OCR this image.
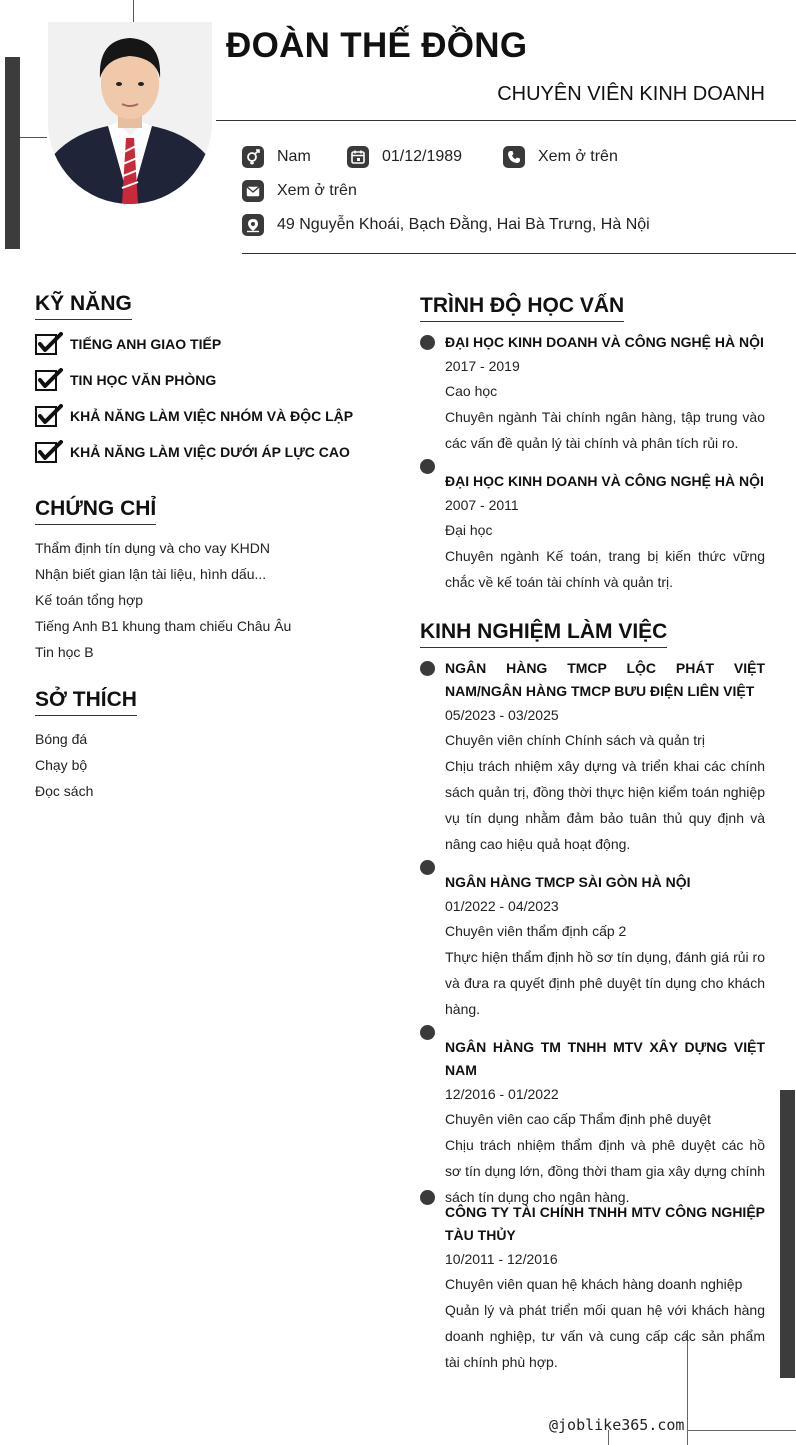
ĐOÀN THẾ ĐỒNG
CHUYÊN VIÊN KINH DOANH
Nam	01/12/1989	Xem ở trên
Xem ở trên
49 Nguyễn Khoái, Bạch Đằng, Hai Bà Trưng, Hà Nội
KỸ NĂNG
TIẾNG ANH GIAO TIẾP
TIN HỌC VĂN PHÒNG
KHẢ NĂNG LÀM VIỆC NHÓM VÀ ĐỘC LẬP
KHẢ NĂNG LÀM VIỆC DƯỚI ÁP LỰC CAO
CHỨNG CHỈ
Thẩm định tín dụng và cho vay KHDN
Nhận biết gian lận tài liệu, hình dấu...
Kế toán tổng hợp
Tiếng Anh B1 khung tham chiếu Châu Âu
Tin học B
SỞ THÍCH
Bóng đá
Chạy bộ
Đọc sách
TRÌNH ĐỘ HỌC VẤN
ĐẠI HỌC KINH DOANH VÀ CÔNG NGHỆ HÀ NỘI
2017 - 2019
Cao học
Chuyên ngành Tài chính ngân hàng, tập trung vào các vấn đề quản lý tài chính và phân tích rủi ro.
ĐẠI HỌC KINH DOANH VÀ CÔNG NGHỆ HÀ NỘI
2007 - 2011
Đại học
Chuyên ngành Kế toán, trang bị kiến thức vững chắc về kế toán tài chính và quản trị.
KINH NGHIỆM LÀM VIỆC
NGÂN HÀNG TMCP LỘC PHÁT VIỆT NAM/NGÂN HÀNG TMCP BƯU ĐIỆN LIÊN VIỆT
05/2023 - 03/2025
Chuyên viên chính Chính sách và quản trị
Chịu trách nhiệm xây dựng và triển khai các chính sách quản trị, đồng thời thực hiện kiểm toán nghiệp vụ tín dụng nhằm đảm bảo tuân thủ quy định và nâng cao hiệu quả hoạt động.
NGÂN HÀNG TMCP SÀI GÒN HÀ NỘI
01/2022 - 04/2023
Chuyên viên thẩm định cấp 2
Thực hiện thẩm định hồ sơ tín dụng, đánh giá rủi ro và đưa ra quyết định phê duyệt tín dụng cho khách hàng.
NGÂN HÀNG TM TNHH MTV XÂY DỰNG VIỆT NAM
12/2016 - 01/2022
Chuyên viên cao cấp Thẩm định phê duyệt
Chịu trách nhiệm thẩm định và phê duyệt các hồ sơ tín dụng lớn, đồng thời tham gia xây dựng chính sách tín dụng cho ngân hàng.
CÔNG TY TÀI CHÍNH TNHH MTV CÔNG NGHIỆP TÀU THỦY
10/2011 - 12/2016
Chuyên viên quan hệ khách hàng doanh nghiệp
Quản lý và phát triển mối quan hệ với khách hàng doanh nghiệp, tư vấn và cung cấp các sản phẩm tài chính phù hợp.
@joblike365.com
